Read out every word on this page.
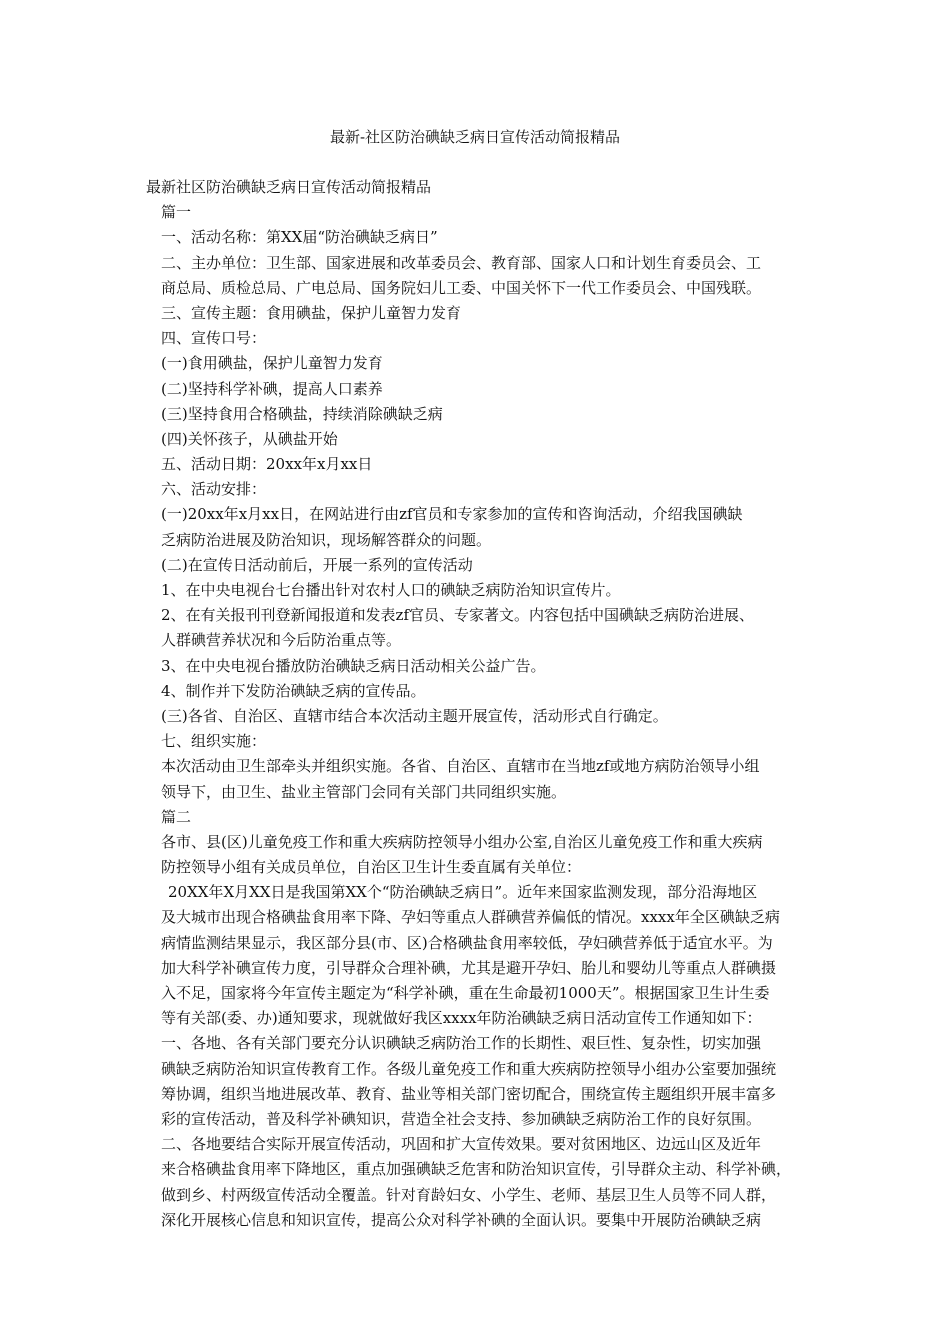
最新-社区防治碘缺乏病日宣传活动简报精品
最新社区防治碘缺乏病日宣传活动简报精品
篇一
一、活动名称：第XX届“防治碘缺乏病日”
二、主办单位：卫生部、国家进展和改革委员会、教育部、国家人口和计划生育委员会、工
商总局、质检总局、广电总局、国务院妇儿工委、中国关怀下一代工作委员会、中国残联。
三、宣传主题：食用碘盐，保护儿童智力发育
四、宣传口号：
(一)食用碘盐，保护儿童智力发育
(二)坚持科学补碘，提高人口素养
(三)坚持食用合格碘盐，持续消除碘缺乏病
(四)关怀孩子，从碘盐开始
五、活动日期：20xx年x月xx日
六、活动安排：
(一)20xx年x月xx日，在网站进行由zf官员和专家参加的宣传和咨询活动，介绍我国碘缺
乏病防治进展及防治知识，现场解答群众的问题。
(二)在宣传日活动前后，开展一系列的宣传活动
1、在中央电视台七台播出针对农村人口的碘缺乏病防治知识宣传片。
2、在有关报刊刊登新闻报道和发表zf官员、专家著文。内容包括中国碘缺乏病防治进展、
人群碘营养状况和今后防治重点等。
3、在中央电视台播放防治碘缺乏病日活动相关公益广告。
4、制作并下发防治碘缺乏病的宣传品。
(三)各省、自治区、直辖市结合本次活动主题开展宣传，活动形式自行确定。
七、组织实施：
本次活动由卫生部牵头并组织实施。各省、自治区、直辖市在当地zf或地方病防治领导小组
领导下，由卫生、盐业主管部门会同有关部门共同组织实施。
篇二
各市、县(区)儿童免疫工作和重大疾病防控领导小组办公室,自治区儿童免疫工作和重大疾病
防控领导小组有关成员单位，自治区卫生计生委直属有关单位：
20XX年X月XX日是我国第XX个“防治碘缺乏病日”。近年来国家监测发现，部分沿海地区
及大城市出现合格碘盐食用率下降、孕妇等重点人群碘营养偏低的情况。xxxx年全区碘缺乏病
病情监测结果显示，我区部分县(市、区)合格碘盐食用率较低，孕妇碘营养低于适宜水平。为
加大科学补碘宣传力度，引导群众合理补碘，尤其是避开孕妇、胎儿和婴幼儿等重点人群碘摄
入不足，国家将今年宣传主题定为“科学补碘，重在生命最初1000天”。根据国家卫生计生委
等有关部(委、办)通知要求，现就做好我区xxxx年防治碘缺乏病日活动宣传工作通知如下：
一、各地、各有关部门要充分认识碘缺乏病防治工作的长期性、艰巨性、复杂性，切实加强
碘缺乏病防治知识宣传教育工作。各级儿童免疫工作和重大疾病防控领导小组办公室要加强统
筹协调，组织当地进展改革、教育、盐业等相关部门密切配合，围绕宣传主题组织开展丰富多
彩的宣传活动，普及科学补碘知识，营造全社会支持、参加碘缺乏病防治工作的良好氛围。
二、各地要结合实际开展宣传活动，巩固和扩大宣传效果。要对贫困地区、边远山区及近年
来合格碘盐食用率下降地区，重点加强碘缺乏危害和防治知识宣传，引导群众主动、科学补碘，
做到乡、村两级宣传活动全覆盖。针对育龄妇女、小学生、老师、基层卫生人员等不同人群，
深化开展核心信息和知识宣传，提高公众对科学补碘的全面认识。要集中开展防治碘缺乏病
